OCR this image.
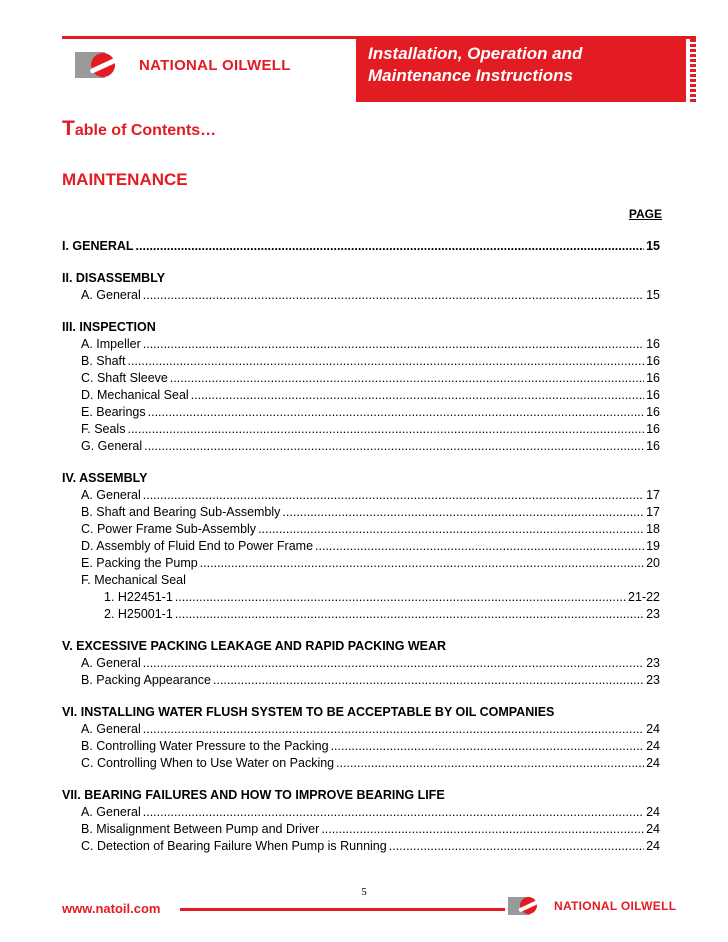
NATIONAL OILWELL
Installation, Operation and
Maintenance Instructions
Table of Contents…
MAINTENANCE
PAGE
I. GENERAL .....	15
II. DISASSEMBLY
A. General .....	15
III. INSPECTION
A. Impeller .....	16
B. Shaft .....	16
C. Shaft Sleeve .....	16
D. Mechanical Seal .....	16
E. Bearings .....	16
F. Seals .....	16
G. General .....	16
IV. ASSEMBLY
A. General .....	17
B. Shaft and Bearing Sub-Assembly .....	17
C. Power Frame Sub-Assembly .....	18
D. Assembly of Fluid End to Power Frame .....	19
E. Packing the Pump .....	20
F. Mechanical Seal
1. H22451-1 .....	21-22
2. H25001-1 .....	23
V. EXCESSIVE PACKING LEAKAGE AND RAPID PACKING WEAR
A. General .....	23
B. Packing Appearance .....	23
VI. INSTALLING WATER FLUSH SYSTEM TO BE ACCEPTABLE BY OIL COMPANIES
A. General .....	24
B. Controlling Water Pressure to the Packing .....	24
C. Controlling When to Use Water on Packing .....	24
VII. BEARING FAILURES AND HOW TO IMPROVE BEARING LIFE
A. General .....	24
B. Misalignment Between Pump and Driver .....	24
C. Detection of Bearing Failure When Pump is Running .....	24
5
www.natoil.com	NATIONAL OILWELL
